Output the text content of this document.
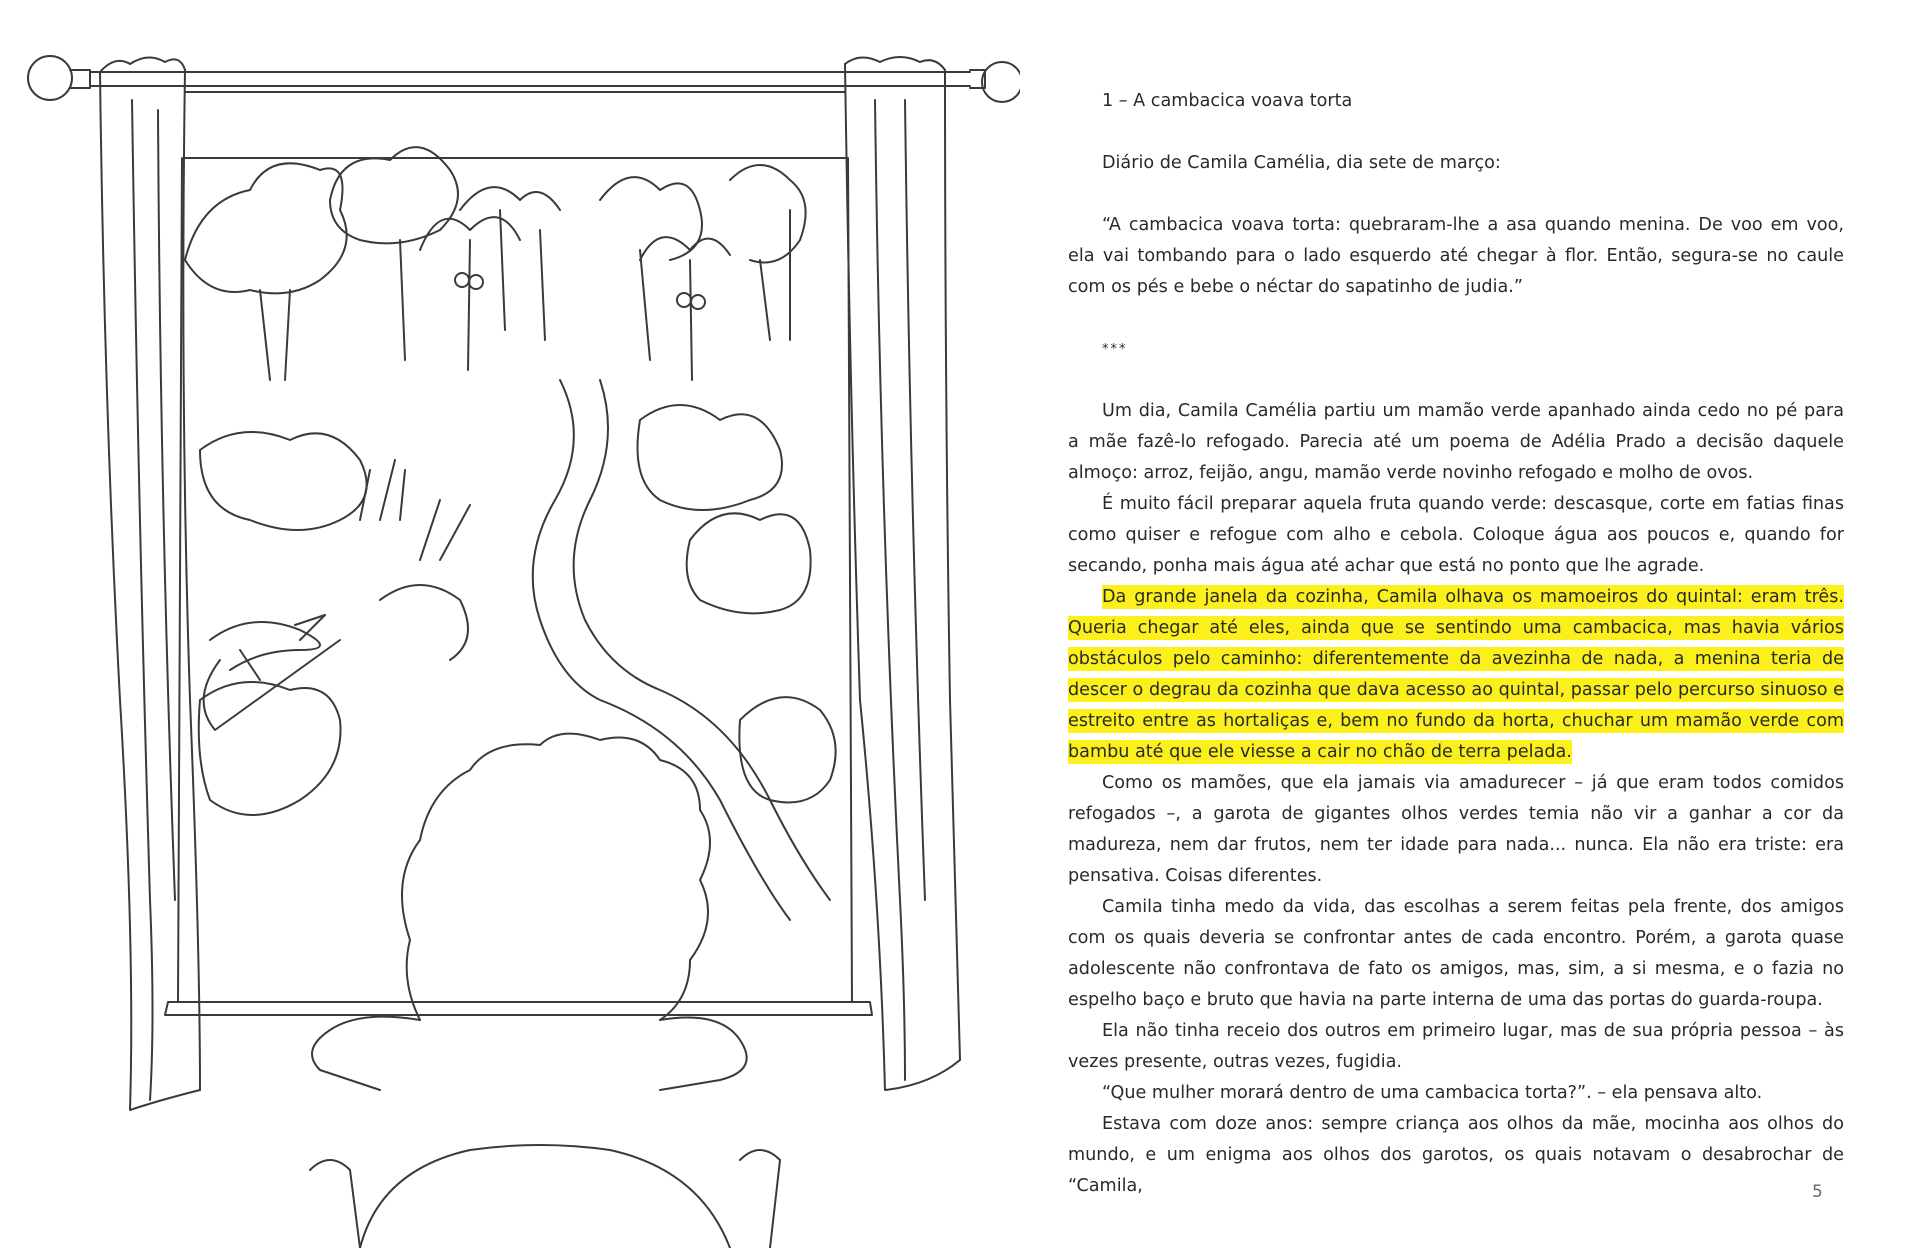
1 – A cambacica voava torta

Diário de Camila Camélia, dia sete de março:

“A cambacica voava torta: quebraram-lhe a asa quando menina. De voo em voo, ela vai tombando para o lado esquerdo até chegar à flor. Então, segura-se no caule com os pés e bebe o néctar do sapatinho de judia.”

***

Um dia, Camila Camélia partiu um mamão verde apanhado ainda cedo no pé para a mãe fazê-lo refogado. Parecia até um poema de Adélia Prado a decisão daquele almoço: arroz, feijão, angu, mamão verde novinho refogado e molho de ovos.

É muito fácil preparar aquela fruta quando verde: descasque, corte em fatias finas como quiser e refogue com alho e cebola. Coloque água aos poucos e, quando for secando, ponha mais água até achar que está no ponto que lhe agrade.

Da grande janela da cozinha, Camila olhava os mamoeiros do quintal: eram três. Queria chegar até eles, ainda que se sentindo uma cambacica, mas havia vários obstáculos pelo caminho: diferentemente da avezinha de nada, a menina teria de descer o degrau da cozinha que dava acesso ao quintal, passar pelo percurso sinuoso e estreito entre as hortaliças e, bem no fundo da horta, chuchar um mamão verde com bambu até que ele viesse a cair no chão de terra pelada.

Como os mamões, que ela jamais via amadurecer – já que eram todos comidos refogados –, a garota de gigantes olhos verdes temia não vir a ganhar a cor da madureza, nem dar frutos, nem ter idade para nada... nunca. Ela não era triste: era pensativa. Coisas diferentes.

Camila tinha medo da vida, das escolhas a serem feitas pela frente, dos amigos com os quais deveria se confrontar antes de cada encontro. Porém, a garota quase adolescente não confrontava de fato os amigos, mas, sim, a si mesma, e o fazia no espelho baço e bruto que havia na parte interna de uma das portas do guarda-roupa.

Ela não tinha receio dos outros em primeiro lugar, mas de sua própria pessoa – às vezes presente, outras vezes, fugidia.

“Que mulher morará dentro de uma cambacica torta?”. – ela pensava alto.

Estava com doze anos: sempre criança aos olhos da mãe, mocinha aos olhos do mundo, e um enigma aos olhos dos garotos, os quais notavam o desabrochar de “Camila,	5
